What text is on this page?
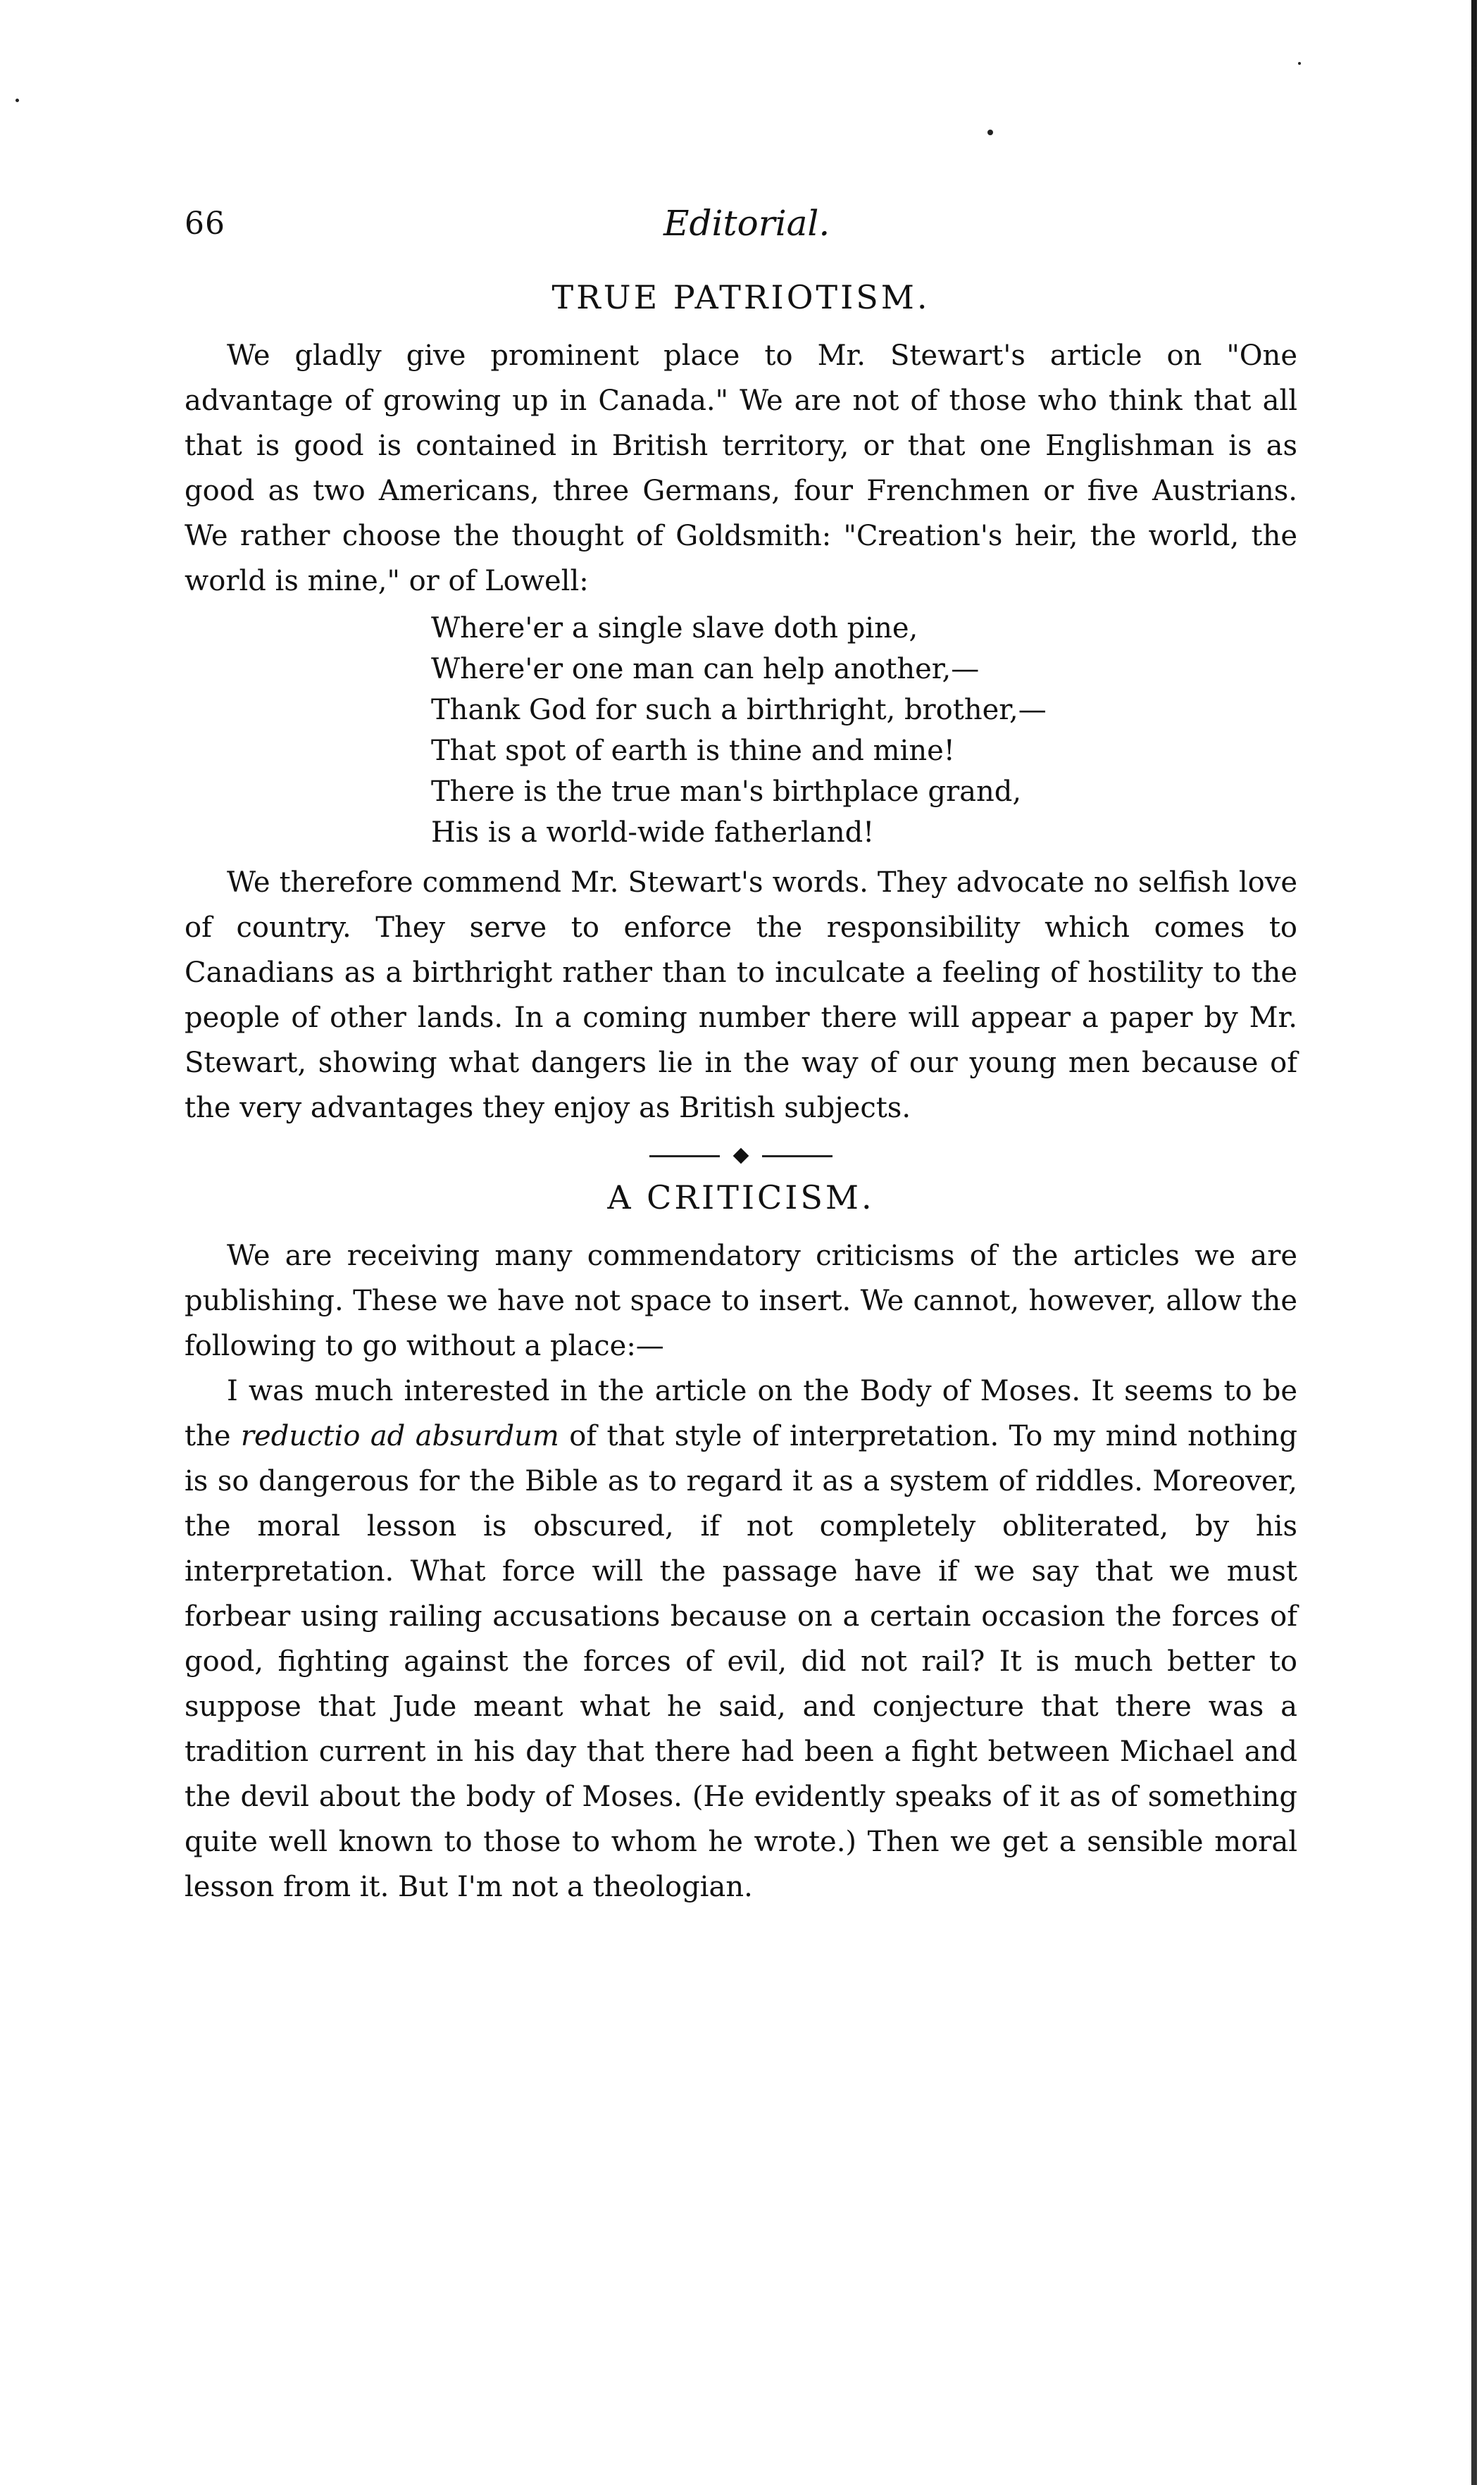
66	Editorial.
TRUE PATRIOTISM.

We gladly give prominent place to Mr. Stewart's article on "One advantage of growing up in Canada." We are not of those who think that all that is good is contained in British territory, or that one Englishman is as good as two Americans, three Germans, four Frenchmen or five Austrians. We rather choose the thought of Goldsmith: "Creation's heir, the world, the world is mine," or of Lowell:

Where'er a single slave doth pine,
Where'er one man can help another,—
Thank God for such a birthright, brother,—
That spot of earth is thine and mine!
There is the true man's birthplace grand,
His is a world-wide fatherland!

We therefore commend Mr. Stewart's words. They advocate no selfish love of country. They serve to enforce the responsibility which comes to Canadians as a birthright rather than to inculcate a feeling of hostility to the people of other lands. In a coming number there will appear a paper by Mr. Stewart, showing what dangers lie in the way of our young men because of the very advantages they enjoy as British subjects.

A CRITICISM.

We are receiving many commendatory criticisms of the articles we are publishing. These we have not space to insert. We cannot, however, allow the following to go without a place:—

I was much interested in the article on the Body of Moses. It seems to be the reductio ad absurdum of that style of interpretation. To my mind nothing is so dangerous for the Bible as to regard it as a system of riddles. Moreover, the moral lesson is obscured, if not completely obliterated, by his interpretation. What force will the passage have if we say that we must forbear using railing accusations because on a certain occasion the forces of good, fighting against the forces of evil, did not rail? It is much better to suppose that Jude meant what he said, and conjecture that there was a tradition current in his day that there had been a fight between Michael and the devil about the body of Moses. (He evidently speaks of it as of something quite well known to those to whom he wrote.) Then we get a sensible moral lesson from it. But I'm not a theologian.
